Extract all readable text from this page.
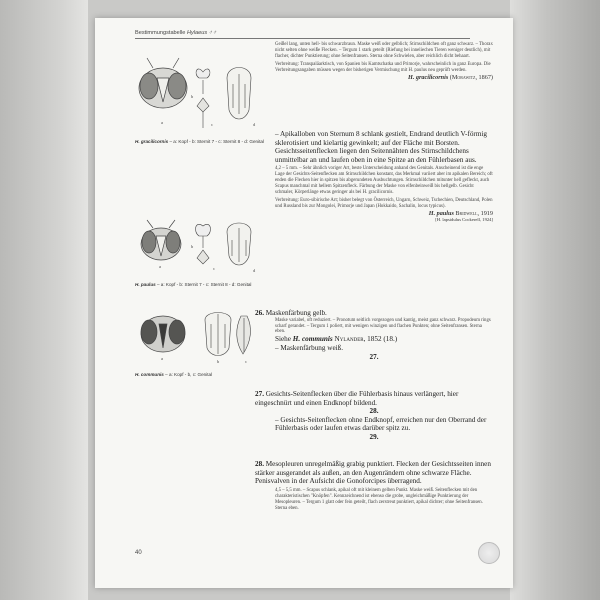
Bestimmungstabelle Hylaeus ♂♂
a
b
c	d
H. gracilicornis – a: Kopf - b: Sternit 7 - c: Sternit 8 - d: Genital
a
b
c	d
H. paulus – a: Kopf - b: Sternit 7 - c: Sternit 8 - d: Genital
a
b	c
H. communis – a: Kopf - b, c: Genital

Geißel lang, unten hell- bis schwarzbraun. Maske weiß oder gelblich; Stirnschildchen oft ganz schwarz. – Thorax nicht selten ohne weiße Flecken. – Tergum 1 stark geteilt (Riefung bei inneliechen Tieren weniger deutlich), mit flacher, dichter Punktierung; ohne Seitenfransen. Sterna ohne Schwielen, aber reichlich dicht behaart.

Verbreitung: Transpaläarktisch, von Spanien bis Kamtschatka und Primorje, wahrscheinlich in ganz Europa. Die Verbreitungsangaben müssen wegen der bisherigen Vermischung mit H. paulus neu geprüft werden.

H. gracilicornis (Morawitz, 1867)

– Apikalloben von Sternum 8 schlank gestielt, Endrand deutlich V-förmig sklerotisiert und kielartig gewinkelt; auf der Fläche mit Borsten. Gesichtsseitenflecken liegen den Seitennähten des Stirnschildchens unmittelbar an und laufen oben in eine Spitze an den Fühlerbasen aus.

4,2 – 5 mm. – Sehr ähnlich voriger Art, beste Unterscheidung anhand des Genitals. Anscheinend ist die enge Lage der Gesichts-Seitenflecken am Stirnschildchen konstant, das Merkmal variiert aber im apikalen Bereich; oft enden die Flecken hier in spitzen bis abgerundeten Ausbuchtungen. Stirnschildchen mitunter hell gefleckt, auch Scapus manchmal mit hellem Spitzenfleck. Färbung der Maske von elfenbeinweiß bis hellgelb. Gesicht schmaler, Körperlänge etwas geringer als bei H. gracilicornis.

Verbreitung: Euro-sibirische Art; bisher belegt von Österreich, Ungarn, Schweiz, Tschechien, Deutschland, Polen und Russland bis zur Mongolei, Primorje und Japan (Hokkaido, Sachalin, locus typicus).

H. paulus Bridwell, 1919

[H. lapsidulus Cockerell, 1924]

26. Maskenfärbung gelb.

Maske variabel, oft reduziert. – Pronotum seitlich vorgezogen und kantig, meist ganz schwarz. Propodeum rings scharf gerandet. – Tergum 1 poliert, mit wenigen winzigen und flachen Punkten; ohne Seitenfransen. Sterna eben.

Siehe H. communis Nylander, 1852 (18.)

– Maskenfärbung weiß.

27.

27. Gesichts-Seitenflecken über die Fühlerbasis hinaus verlängert, hier eingeschnürt und einen Endknopf bildend.

28.

– Gesichts-Seitenflecken ohne Endknopf, erreichen nur den Oberrand der Fühlerbasis oder laufen etwas darüber spitz zu.

29.

28. Mesopleuren unregelmäßig grabig punktiert. Flecken der Gesichtsseiten innen stärker ausgerandet als außen, an den Augenrändern ohne schwarze Fläche. Penisvalven in der Aufsicht die Gonoforcipes überragend.

4,5 – 5,5 mm. – Scapus schlank, apikal oft mit kleinem gelben Punkt. Maske weiß. Seitenflecken mit den charakteristischen "Knöpfen". Kennzeichnend ist ebenso die grobe, ungleichmäßige Punktierung der Mesopleuren. – Tergum 1 glatt oder fein geteilt, flach zerstreut punktiert, apikal dichter; ohne Seitenfransen. Sterna eben.

40
